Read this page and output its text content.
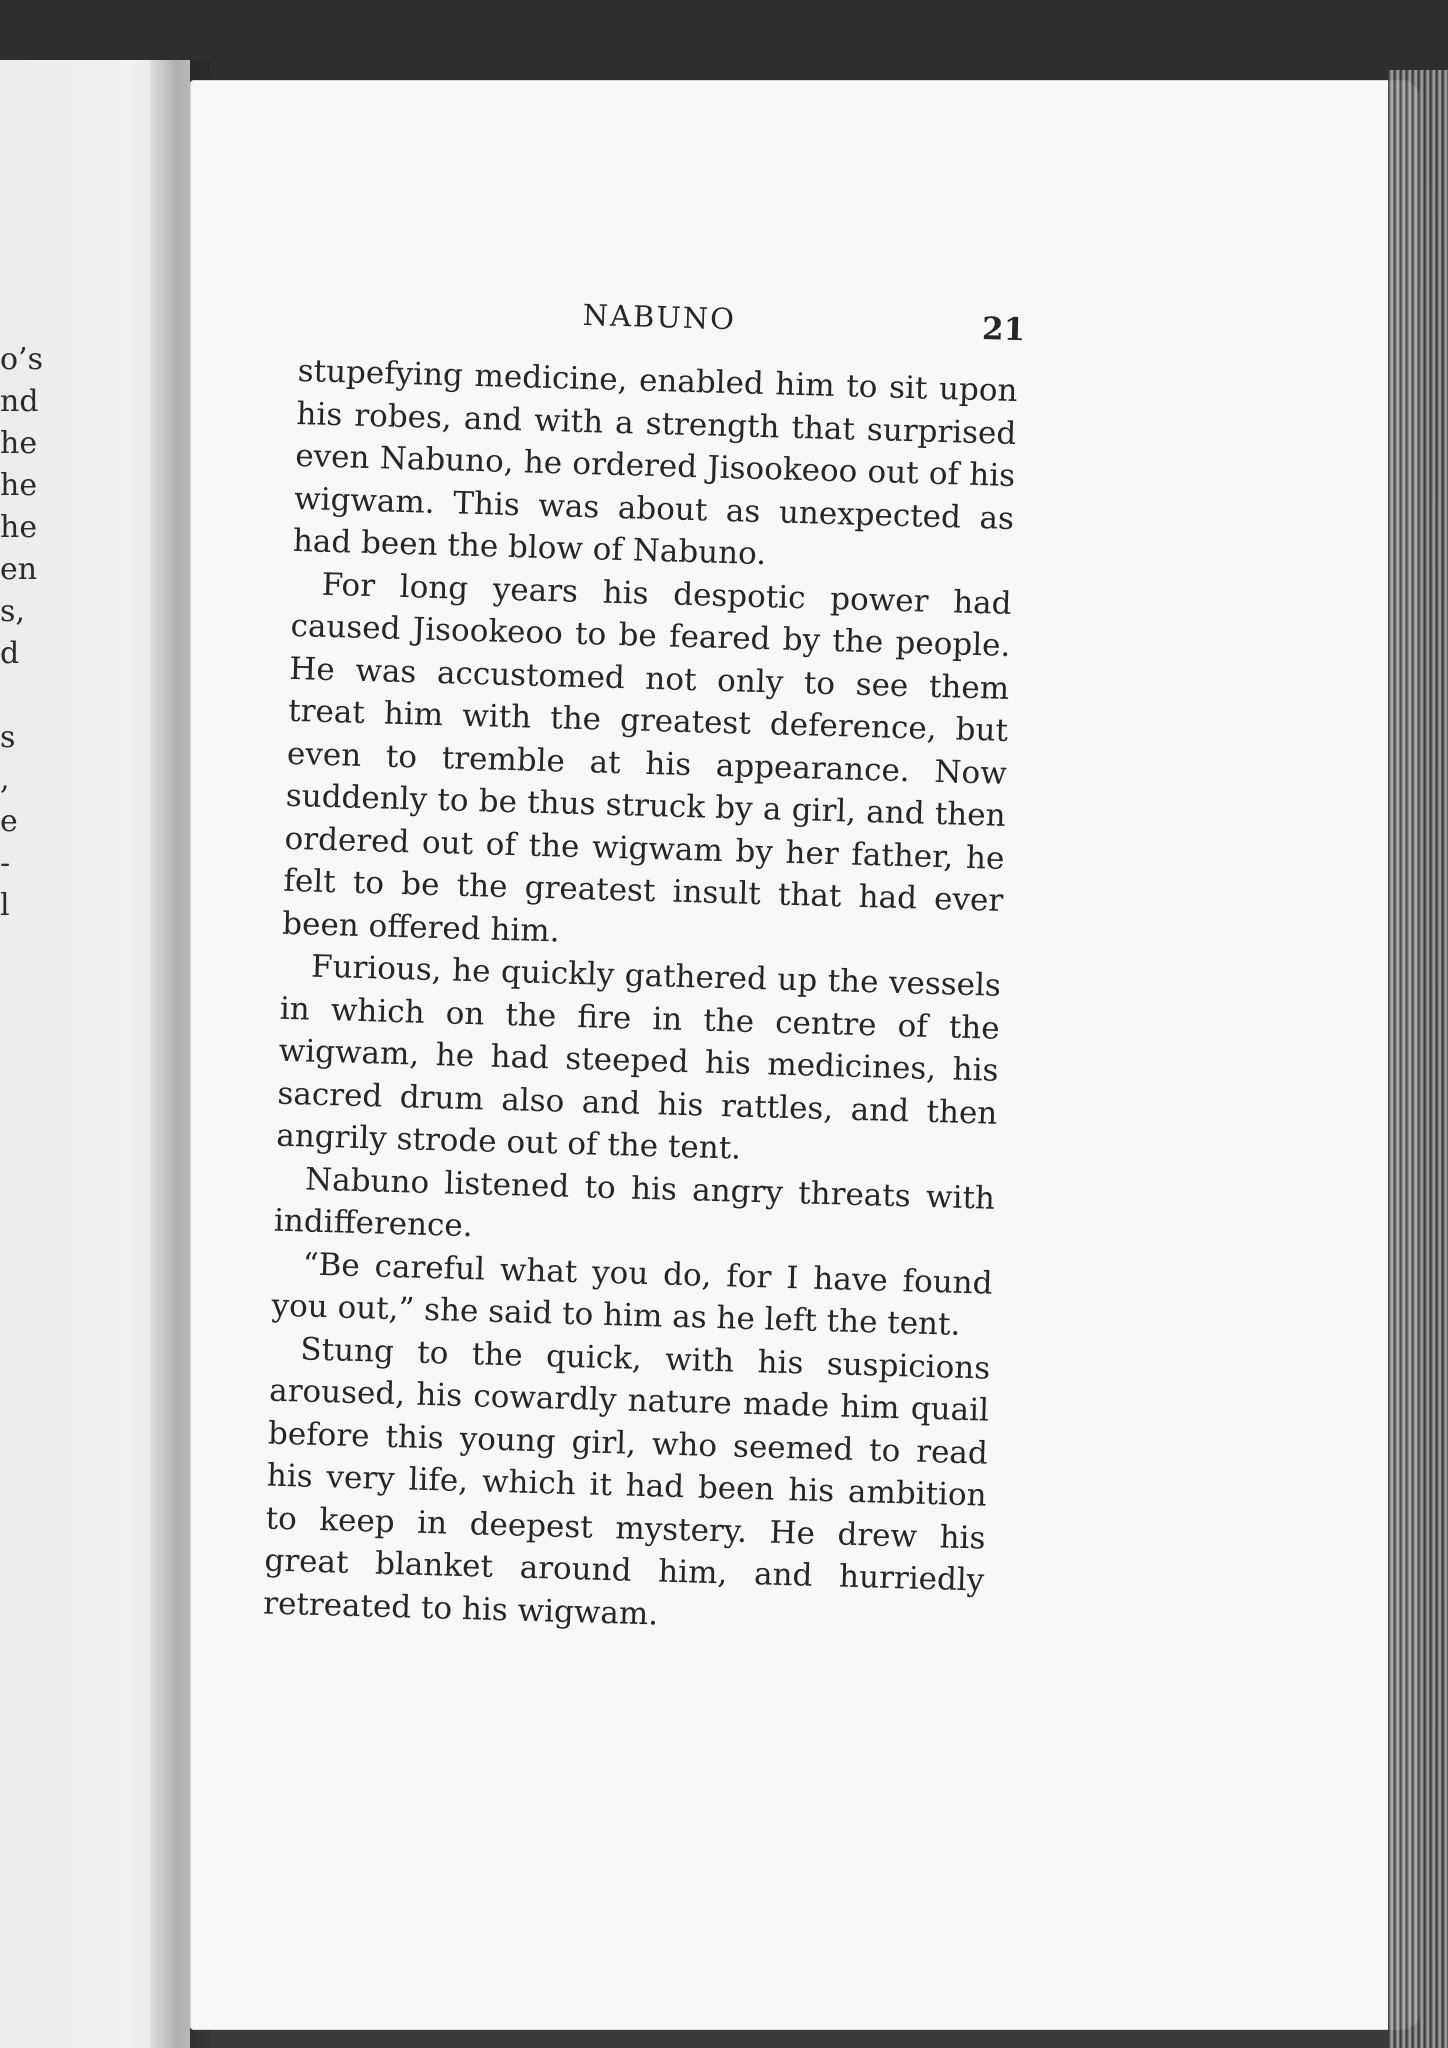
o’s
nd
he
he
he
en
s,
d
s
,
e
-
l
NABUNO	21

stupefying medicine, enabled him to sit upon his robes, and with a strength that surprised even Nabuno, he ordered Jisookeoo out of his wigwam. This was about as unexpected as had been the blow of Nabuno.

For long years his despotic power had caused Jisookeoo to be feared by the people. He was accustomed not only to see them treat him with the greatest deference, but even to tremble at his appearance. Now suddenly to be thus struck by a girl, and then ordered out of the wigwam by her father, he felt to be the greatest insult that had ever been offered him.

Furious, he quickly gathered up the vessels in which on the fire in the centre of the wigwam, he had steeped his medicines, his sacred drum also and his rattles, and then angrily strode out of the tent.

Nabuno listened to his angry threats with indifference.

“Be careful what you do, for I have found you out,” she said to him as he left the tent.

Stung to the quick, with his suspicions aroused, his cowardly nature made him quail before this young girl, who seemed to read his very life, which it had been his ambition to keep in deepest mystery. He drew his great blanket around him, and hurriedly retreated to his wigwam.
